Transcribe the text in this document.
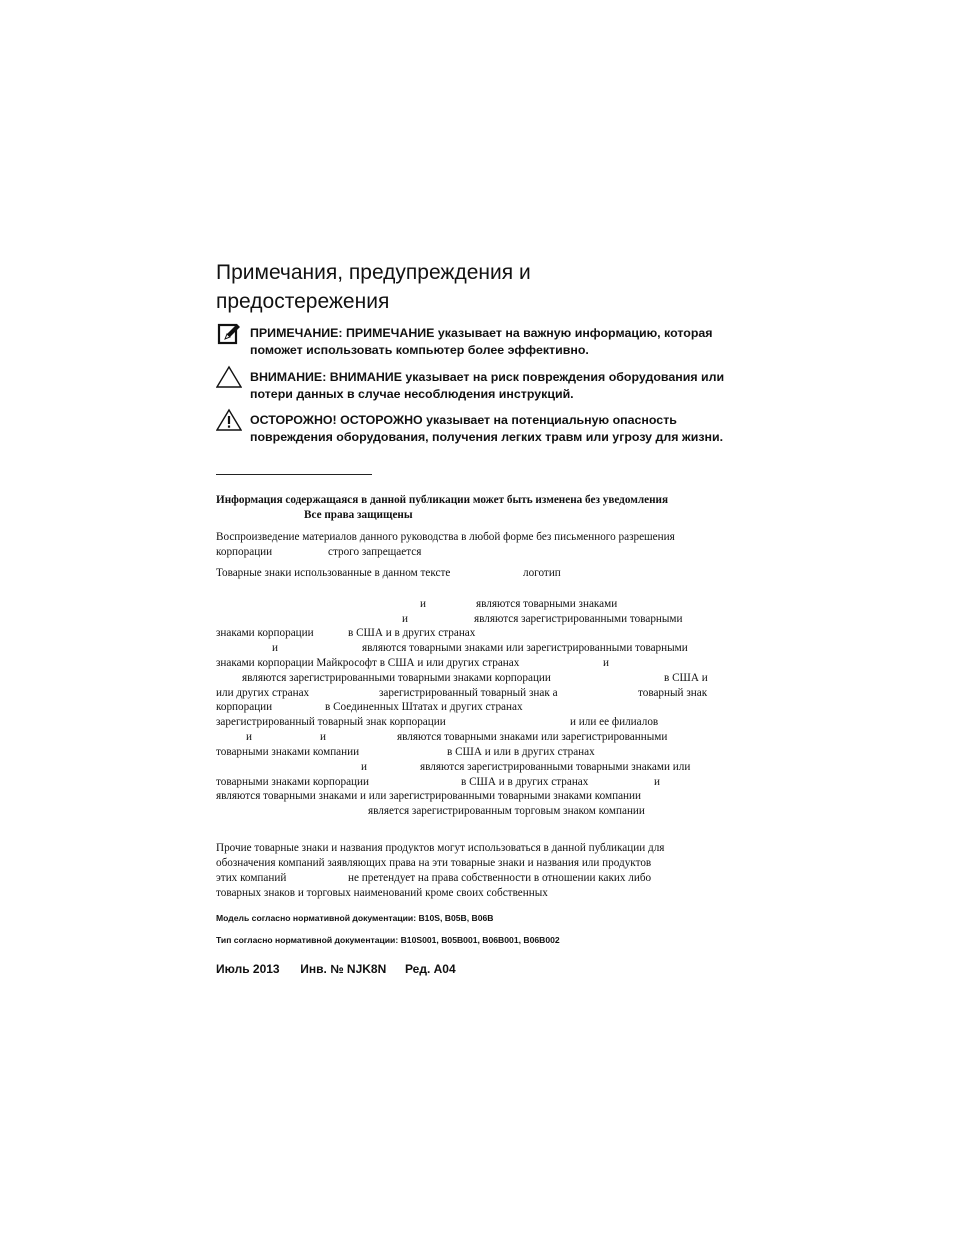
Примечания, предупреждения и
предостережения
ПРИМЕЧАНИЕ: ПРИМЕЧАНИЕ указывает на важную информацию, которая
поможет использовать компьютер более эффективно.
ВНИМАНИЕ: ВНИМАНИЕ указывает на риск повреждения оборудования или
потери данных в случае несоблюдения инструкций.
ОСТОРОЖНО! ОСТОРОЖНО указывает на потенциальную опасность
повреждения оборудования, получения легких травм или угрозу для жизни.
Информация содержащаяся в данной публикации может быть изменена без уведомления
Все права защищены
Воспроизведение материалов данного руководства в любой форме без письменного разрешения
корпорации	строго запрещается
Товарные знаки использованные в данном тексте	логотип
и	являются товарными знаками
и	являются зарегистрированными товарными
знаками корпорации	в США и в других странах
и	являются товарными знаками или зарегистрированными товарными
знаками корпорации Майкрософт в США и или других странах	и
являются зарегистрированными товарными знаками корпорации	в США и
или других странах	зарегистрированный товарный знак а	товарный знак
корпорации	в Соединенных Штатах и других странах
зарегистрированный товарный знак корпорации	и или ее филиалов
и	и	являются товарными знаками или зарегистрированными
товарными знаками компании	в США и или в других странах
и	являются зарегистрированными товарными знаками или
товарными знаками корпорации	в США и в других странах	и
являются товарными знаками и или зарегистрированными товарными знаками компании
является зарегистрированным торговым знаком компании
Прочие товарные знаки и названия продуктов могут использоваться в данной публикации для
обозначения компаний заявляющих права на эти товарные знаки и названия или продуктов
этих компаний	не претендует на права собственности в отношении каких либо
товарных знаков и торговых наименований кроме своих собственных
Модель согласно нормативной документации: B10S, B05B, B06B
Тип согласно нормативной документации: B10S001, B05B001, B06B001, B06B002
Июль 2013 Инв. № NJK8N Ред. A04
